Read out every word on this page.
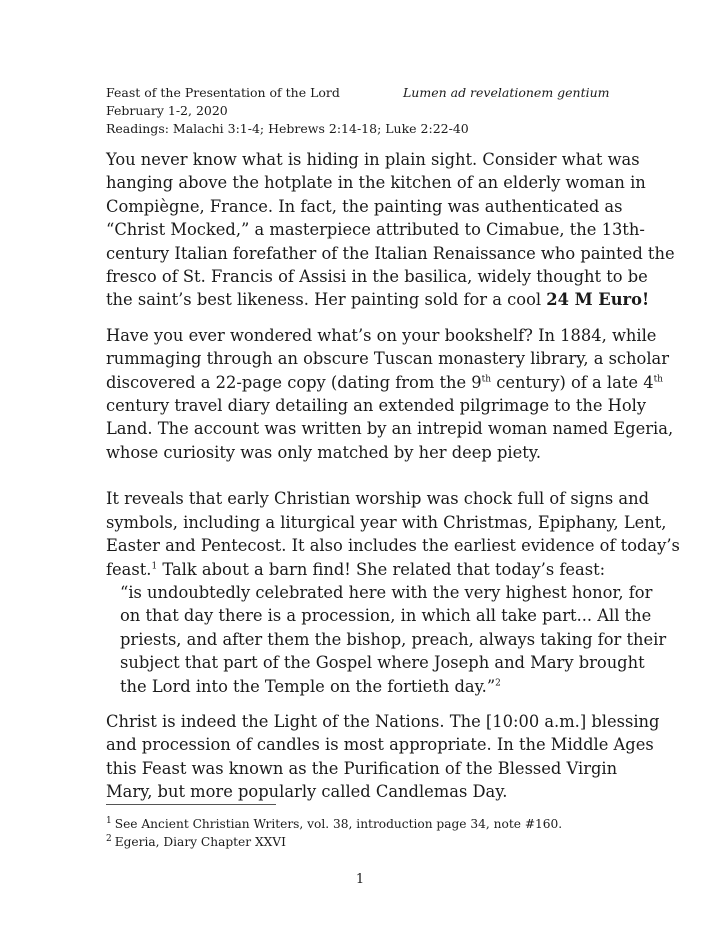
Feast of the Presentation of the Lord	Lumen ad revelationem gentium
February 1-2, 2020
Readings: Malachi 3:1-4; Hebrews 2:14-18; Luke 2:22-40

You never know what is hiding in plain sight. Consider what was
hanging above the hotplate in the kitchen of an elderly woman in
Compiègne, France. In fact, the painting was authenticated as
“Christ Mocked,” a masterpiece attributed to Cimabue, the 13th-
century Italian forefather of the Italian Renaissance who painted the
fresco of St. Francis of Assisi in the basilica, widely thought to be
the saint’s best likeness. Her painting sold for a cool 24 M Euro!

Have you ever wondered what’s on your bookshelf? In 1884, while
rummaging through an obscure Tuscan monastery library, a scholar
discovered a 22-page copy (dating from the 9th century) of a late 4th
century travel diary detailing an extended pilgrimage to the Holy
Land. The account was written by an intrepid woman named Egeria,
whose curiosity was only matched by her deep piety.

It reveals that early Christian worship was chock full of signs and
symbols, including a liturgical year with Christmas, Epiphany, Lent,
Easter and Pentecost. It also includes the earliest evidence of today’s
feast.$^1$ Talk about a barn find! She related that today’s feast:

“is undoubtedly celebrated here with the very highest honor, for
on that day there is a procession, in which all take part... All the
priests, and after them the bishop, preach, always taking for their
subject that part of the Gospel where Joseph and Mary brought
the Lord into the Temple on the fortieth day.”$^2$

Christ is indeed the Light of the Nations. The [10:00 a.m.] blessing
and procession of candles is most appropriate. In the Middle Ages
this Feast was known as the Purification of the Blessed Virgin
Mary, but more popularly called Candlemas Day.

$^1$ See Ancient Christian Writers, vol. 38, introduction page 34, note #160.
$^2$ Egeria, Diary Chapter XXVI
1
